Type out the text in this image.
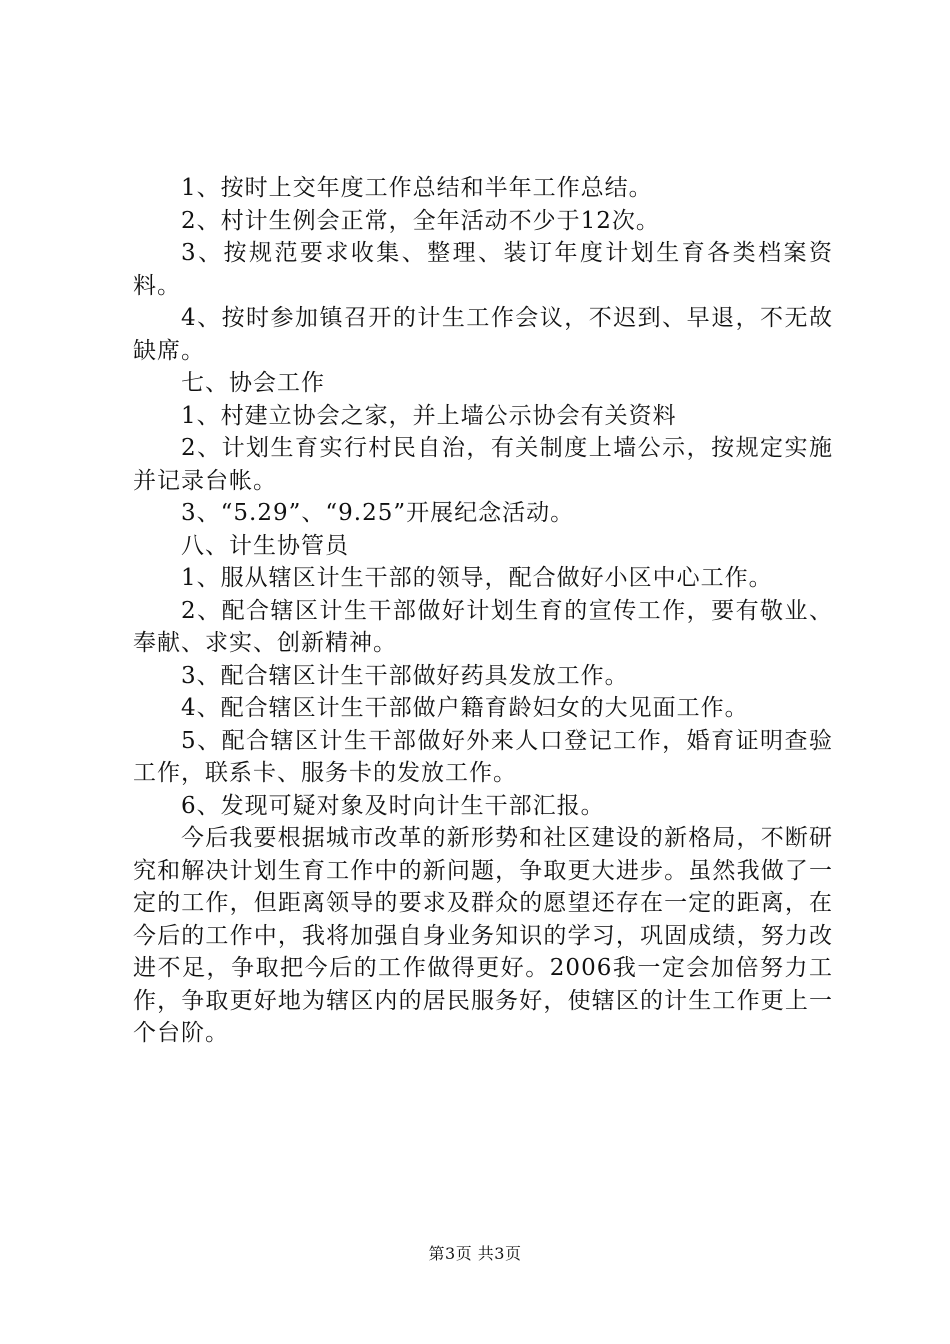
1、按时上交年度工作总结和半年工作总结。

2、村计生例会正常，全年活动不少于12次。

3、按规范要求收集、整理、装订年度计划生育各类档案资料。

4、按时参加镇召开的计生工作会议，不迟到、早退，不无故缺席。

七、协会工作

1、村建立协会之家，并上墙公示协会有关资料

2、计划生育实行村民自治，有关制度上墙公示，按规定实施并记录台帐。

3、“5.29”、“9.25”开展纪念活动。

八、计生协管员

1、服从辖区计生干部的领导，配合做好小区中心工作。

2、配合辖区计生干部做好计划生育的宣传工作，要有敬业、奉献、求实、创新精神。

3、配合辖区计生干部做好药具发放工作。

4、配合辖区计生干部做户籍育龄妇女的大见面工作。

5、配合辖区计生干部做好外来人口登记工作，婚育证明查验工作，联系卡、服务卡的发放工作。

6、发现可疑对象及时向计生干部汇报。

今后我要根据城市改革的新形势和社区建设的新格局，不断研究和解决计划生育工作中的新问题，争取更大进步。虽然我做了一定的工作，但距离领导的要求及群众的愿望还存在一定的距离，在今后的工作中，我将加强自身业务知识的学习，巩固成绩，努力改进不足，争取把今后的工作做得更好。2006我一定会加倍努力工作，争取更好地为辖区内的居民服务好，使辖区的计生工作更上一个台阶。

第3页 共3页
